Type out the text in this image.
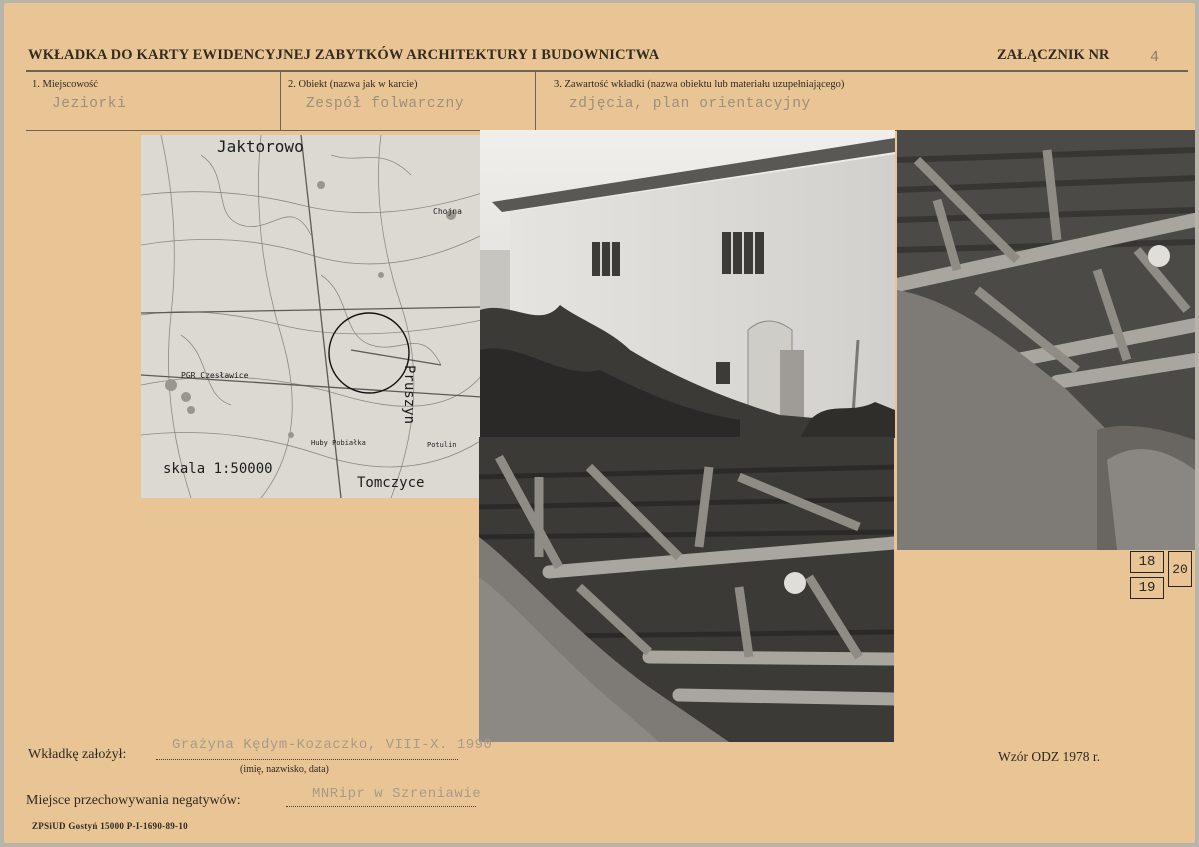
WKŁADKA DO KARTY EWIDENCYJNEJ ZABYTKÓW ARCHITEKTURY I BUDOWNICTWA	ZAŁĄCZNIK NR	4
1. Miejscowość
Jeziorki
2. Obiekt (nazwa jak w karcie)
Zespół folwarczny
3. Zawartość wkładki (nazwa obiektu lub materiału uzupełniającego)
zdjęcia, plan orientacyjny
Jaktorowo
Pruszyn
Tomczyce
skala 1:50000
Chojna
PGR Czesławice
Huby Pobiałka	Potulin
18	20
19
Wkładkę założył:
Grażyna Kędym-Kozaczko, VIII-X. 1990
(imię, nazwisko, data)
Miejsce przechowywania negatywów:	MNRipr w Szreniawie
Wzór ODZ 1978 r.
ZPSiUD Gostyń 15000 P-I-1690-89-10
